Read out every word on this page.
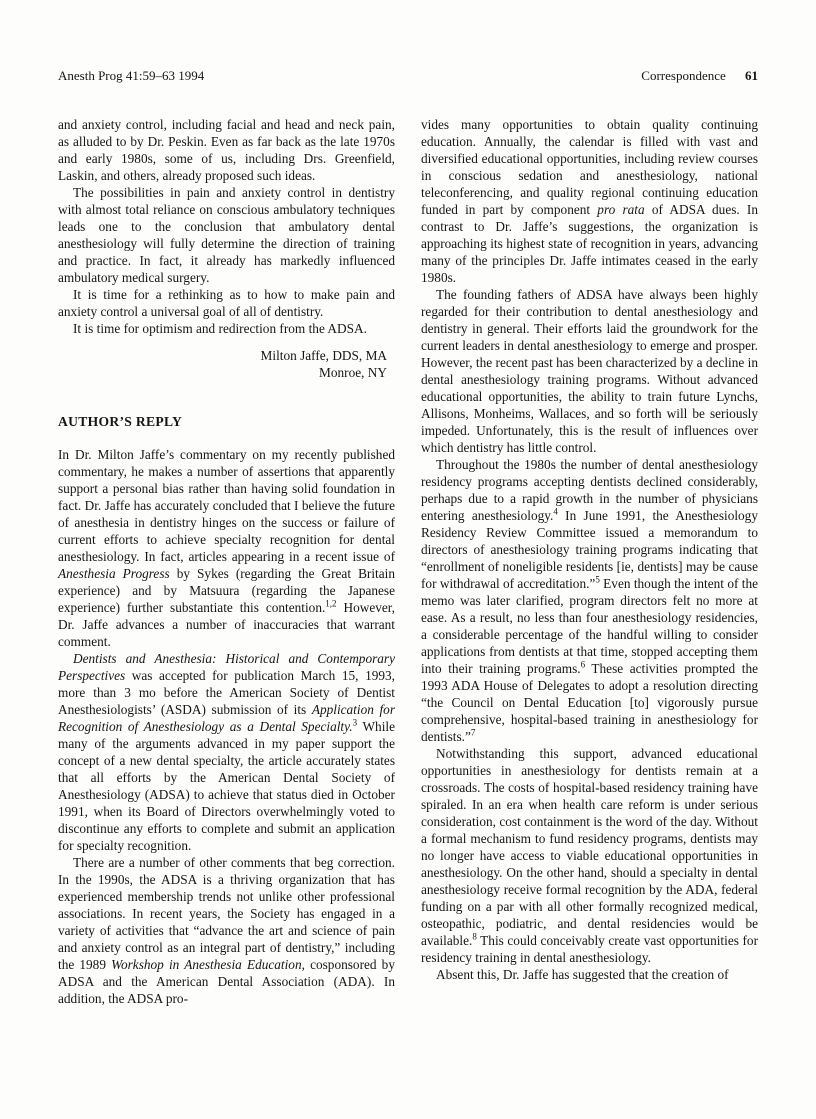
Anesth Prog 41:59–63 1994	Correspondence 61

and anxiety control, including facial and head and neck pain, as alluded to by Dr. Peskin. Even as far back as the late 1970s and early 1980s, some of us, including Drs. Greenfield, Laskin, and others, already proposed such ideas.

The possibilities in pain and anxiety control in dentistry with almost total reliance on conscious ambulatory techniques leads one to the conclusion that ambulatory dental anesthesiology will fully determine the direction of training and practice. In fact, it already has markedly influenced ambulatory medical surgery.

It is time for a rethinking as to how to make pain and anxiety control a universal goal of all of dentistry.

It is time for optimism and redirection from the ADSA.

Milton Jaffe, DDS, MA
Monroe, NY
AUTHOR’S REPLY

In Dr. Milton Jaffe’s commentary on my recently published commentary, he makes a number of assertions that apparently support a personal bias rather than having solid foundation in fact. Dr. Jaffe has accurately concluded that I believe the future of anesthesia in dentistry hinges on the success or failure of current efforts to achieve specialty recognition for dental anesthesiology. In fact, articles appearing in a recent issue of Anesthesia Progress by Sykes (regarding the Great Britain experience) and by Matsuura (regarding the Japanese experience) further substantiate this contention.$^{1,2}$ However, Dr. Jaffe advances a number of inaccuracies that warrant comment.

Dentists and Anesthesia: Historical and Contemporary Perspectives was accepted for publication March 15, 1993, more than 3 mo before the American Society of Dentist Anesthesiologists’ (ASDA) submission of its Application for Recognition of Anesthesiology as a Dental Specialty.$^3$ While many of the arguments advanced in my paper support the concept of a new dental specialty, the article accurately states that all efforts by the American Dental Society of Anesthesiology (ADSA) to achieve that status died in October 1991, when its Board of Directors overwhelmingly voted to discontinue any efforts to complete and submit an application for specialty recognition.

There are a number of other comments that beg correction. In the 1990s, the ADSA is a thriving organization that has experienced membership trends not unlike other professional associations. In recent years, the Society has engaged in a variety of activities that “advance the art and science of pain and anxiety control as an integral part of dentistry,” including the 1989 Workshop in Anesthesia Education, cosponsored by ADSA and the American Dental Association (ADA). In addition, the ADSA pro-

vides many opportunities to obtain quality continuing education. Annually, the calendar is filled with vast and diversified educational opportunities, including review courses in conscious sedation and anesthesiology, national teleconferencing, and quality regional continuing education funded in part by component pro rata of ADSA dues. In contrast to Dr. Jaffe’s suggestions, the organization is approaching its highest state of recognition in years, advancing many of the principles Dr. Jaffe intimates ceased in the early 1980s.

The founding fathers of ADSA have always been highly regarded for their contribution to dental anesthesiology and dentistry in general. Their efforts laid the groundwork for the current leaders in dental anesthesiology to emerge and prosper. However, the recent past has been characterized by a decline in dental anesthesiology training programs. Without advanced educational opportunities, the ability to train future Lynchs, Allisons, Monheims, Wallaces, and so forth will be seriously impeded. Unfortunately, this is the result of influences over which dentistry has little control.

Throughout the 1980s the number of dental anesthesiology residency programs accepting dentists declined considerably, perhaps due to a rapid growth in the number of physicians entering anesthesiology.$^4$ In June 1991, the Anesthesiology Residency Review Committee issued a memorandum to directors of anesthesiology training programs indicating that “enrollment of noneligible residents [ie, dentists] may be cause for withdrawal of accreditation.”$^5$ Even though the intent of the memo was later clarified, program directors felt no more at ease. As a result, no less than four anesthesiology residencies, a considerable percentage of the handful willing to consider applications from dentists at that time, stopped accepting them into their training programs.$^6$ These activities prompted the 1993 ADA House of Delegates to adopt a resolution directing “the Council on Dental Education [to] vigorously pursue comprehensive, hospital-based training in anesthesiology for dentists.”$^7$

Notwithstanding this support, advanced educational opportunities in anesthesiology for dentists remain at a crossroads. The costs of hospital-based residency training have spiraled. In an era when health care reform is under serious consideration, cost containment is the word of the day. Without a formal mechanism to fund residency programs, dentists may no longer have access to viable educational opportunities in anesthesiology. On the other hand, should a specialty in dental anesthesiology receive formal recognition by the ADA, federal funding on a par with all other formally recognized medical, osteopathic, podiatric, and dental residencies would be available.$^8$ This could conceivably create vast opportunities for residency training in dental anesthesiology.

Absent this, Dr. Jaffe has suggested that the creation of
